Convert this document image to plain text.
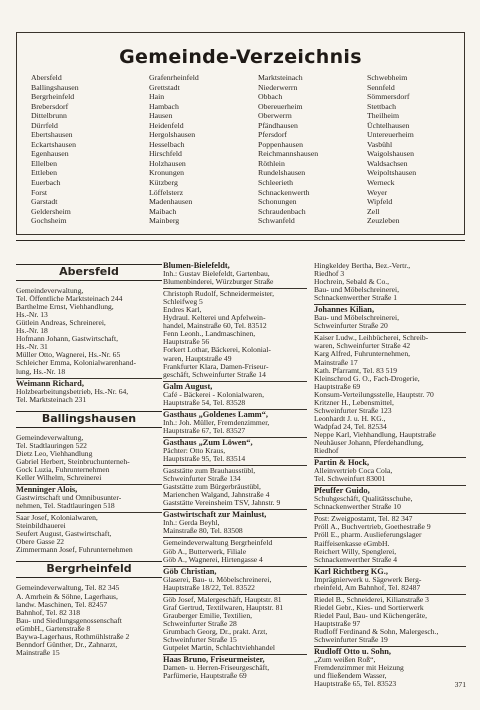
Gemeinde-Verzeichnis
Abersfeld
Ballingshausen
Bergrheinfeld
Brebersdorf
Dittelbrunn
Dürrfeld
Ebertshausen
Eckartshausen
Egenhausen
Ellelben
Ettleben
Euerbach
Forst
Garstadt
Geldersheim
Gochsheim
Grafenrheinfeld
Grettstadt
Hain
Hambach
Hausen
Heidenfeld
Hergolshausen
Hesselbach
Hirschfeld
Holzhausen
Kronungen
Kützberg
Löffelsterz
Madenhausen
Maibach
Mainberg
Marktsteinach
Niederwerrn
Obbach
Obereuerheim
Oberwerrn
Pfändhausen
Pfersdorf
Poppenhausen
Reichmannshausen
Röthlein
Rundelshausen
Schleerieth
Schnackenwerth
Schonungen
Schraudenbach
Schwanfeld
Schwebheim
Sennfeld
Sömmersdorf
Stettbach
Theilheim
Üchtelhausen
Untereuerheim
Vasbühl
Waigolshausen
Waldsachsen
Weipoltshausen
Werneck
Weyer
Wipfeld
Zell
Zeuzleben
Abersfeld
Gemeindeverwaltung,
Tel. Öffentliche Marktsteinach 244
Barthelme Ernst, Viehhandlung,
Hs.-Nr. 13
Gütlein Andreas, Schreinerei,
Hs.-Nr. 18
Hofmann Johann, Gastwirtschaft,
Hs.-Nr. 31
Müller Otto, Wagnerei, Hs.-Nr. 65
Schleicher Emma, Kolonialwarenhand-
lung, Hs.-Nr. 18
Weimann Richard,
Holzbearbeitungsbetrieb, Hs.-Nr. 64,
Tel. Marktsteinach 231
Ballingshausen
Gemeindeverwaltung,
Tel. Stadtlauringen 522
Dietz Leo, Viehhandlung
Gabriel Herbert, Steinbruchunterneh-
Gock Luzia, Fuhrunternehmen
Keller Wilhelm, Schreinerei
Menninger Alois,
Gastwirtschaft und Omnibusunter-
nehmen, Tel. Stadtlauringen 518
Saar Josef, Kolonialwaren,
Steinbildhauerei
Seufert August, Gastwirtschaft,
Obere Gasse 22
Zimmermann Josef, Fuhrunternehmen
Bergrheinfeld
Gemeindeverwaltung, Tel. 82 345
A. Amrhein & Söhne, Lagerhaus,
landw. Maschinen, Tel. 82457
Bahnhof, Tel. 82 318
Bau- und Siedlungsgenossenschaft
eGmbH., Gartenstraße 8
Baywa-Lagerhaus, Rothmühlstraße 2
Benndorf Günther, Dr., Zahnarzt,
Mainstraße 15
Blumen-Bielefeldt,
Inh.: Gustav Bielefeldt, Gartenbau,
Blumenbinderei, Würzburger Straße
Christoph Rudolf, Schneidermeister,
Schleifweg 5
Endres Karl,
Hydraul. Kelterei und Apfelwein-
handel, Mainstraße 60, Tel. 83512
Fenn Leonh., Landmaschinen,
Hauptstraße 56
Forkert Lothar, Bäckerei, Kolonial-
waren, Hauptstraße 49
Frankfurter Klara, Damen-Friseur-
geschäft, Schweinfurter Straße 14
Galm August,
Café - Bäckerei - Kolonialwaren,
Hauptstraße 54, Tel. 83528
Gasthaus „Goldenes Lamm“,
Inh.: Joh. Müller, Fremdenzimmer,
Hauptstraße 67, Tel. 83527
Gasthaus „Zum Löwen“,
Pächter: Otto Kraus,
Hauptstraße 95, Tel. 83514
Gaststätte zum Brauhausstübl,
Schweinfurter Straße 134
Gaststätte zum Bürgerbräustübl,
Marienchen Walgand, Jahnstraße 4
Gaststätte Vereinsheim TSV, Jahnstr. 9
Gastwirtschaft zur Mainlust,
Inh.: Gerda Beyhl,
Mainstraße 80, Tel. 83508
Gemeindeverwaltung Bergrheinfeld
Göb A., Butterwerk, Filiale
Göb A., Wagnerei, Hirtengasse 4
Göb Christian,
Glaserei, Bau- u. Möbelschreinerei,
Hauptstraße 18/22, Tel. 83522
Göb Josef, Malergeschäft, Hauptstr. 81
Graf Gertrud, Textilwaren, Hauptstr. 81
Grauberger Emilie, Textilien,
Schweinfurter Straße 28
Grumbach Georg, Dr., prakt. Arzt,
Schweinfurter Straße 15
Gutpelet Martin, Schlachtviehhandel
Haas Bruno, Friseurmeister,
Damen- u. Herren-Friseurgeschäft,
Parfümerie, Hauptstraße 69
Hingkeldey Bertha, Bez.-Vertr.,
Riedhof 3
Hochrein, Sebald & Co.,
Bau- und Möbelschreinerei,
Schnackenwerther Straße 1
Johannes Kilian,
Bau- und Möbelschreinerei,
Schweinfurter Straße 20
Kaiser Ludw., Leihbücherei, Schreib-
waren, Schweinfurter Straße 42
Karg Alfred, Fuhrunternehmen,
Mainstraße 17
Kath. Pfarramt, Tel. 83 519
Kleinschrod G. O., Fach-Drogerie,
Hauptstraße 69
Konsum-Verteilungsstelle, Hauptstr. 70
Kritzner H., Lebensmittel,
Schweinfurter Straße 123
Leonhardt J. u. H. KG.,
Wadpfad 24, Tel. 82534
Neppe Karl, Viehhandlung, Hauptstraße
Neuhäuser Johann, Pferdehandlung,
Riedhof
Partin & Hock,
Alleinvertrieb Coca Cola,
Tel. Schweinfurt 83001
Pfeuffer Guido,
Schuhgeschäft, Qualitätsschuhe,
Schnackenwerther Straße 10
Post: Zweigpostamt, Tel. 82 347
Pröll A., Buchvertrieb, Goethestraße 9
Pröll E., pharm. Auslieferungslager
Raiffeisenkasse eGmbH.
Reichert Willy, Spenglerei,
Schnackenwerther Straße 4
Karl Richtberg KG.,
Imprägnierwerk u. Sägewerk Berg-
rheinfeld, Am Bahnhof, Tel. 82487
Riedel B., Schneiderei, Kilianstraße 3
Riedel Gebr., Kies- und Sortierwerk
Riedel Paul, Bau- und Küchengeräte,
Hauptstraße 97
Rudloff Ferdinand & Sohn, Malergesch.,
Schweinfurter Straße 19
Rudloff Otto u. Sohn,
„Zum weißen Roß“,
Fremdenzimmer mit Heizung
und fließendem Wasser,
Hauptstraße 65, Tel. 83523	371
